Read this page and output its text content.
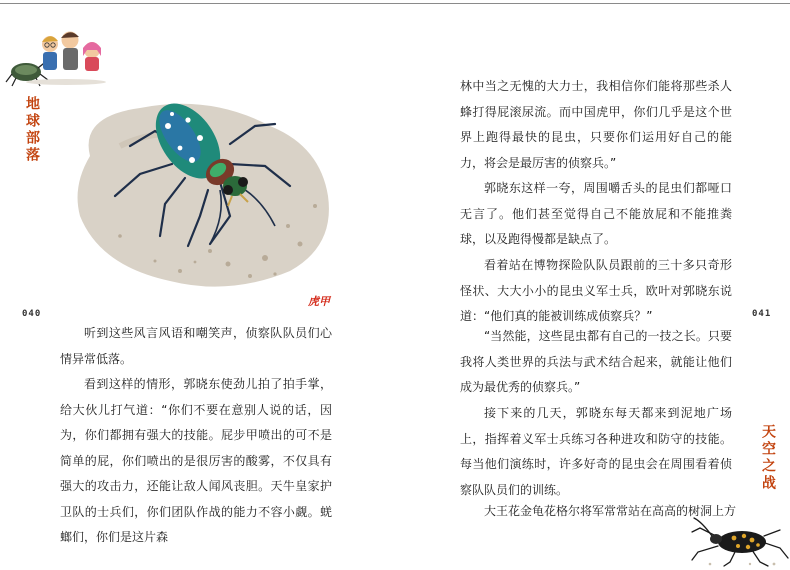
地球部落
虎甲
040	041

听到这些风言风语和嘲笑声，侦察队队员们心情异常低落。

看到这样的情形，郭晓东使劲儿拍了拍手掌，给大伙儿打气道：“你们不要在意别人说的话，因为，你们都拥有强大的技能。屁步甲喷出的可不是简单的屁，你们喷出的是很厉害的酸雾，不仅具有强大的攻击力，还能让敌人闻风丧胆。天牛皇家护卫队的士兵们，你们团队作战的能力不容小觑。蜣螂们，你们是这片森

林中当之无愧的大力士，我相信你们能将那些杀人蜂打得屁滚尿流。而中国虎甲，你们几乎是这个世界上跑得最快的昆虫，只要你们运用好自己的能力，将会是最厉害的侦察兵。”

郭晓东这样一夸，周围嚼舌头的昆虫们都哑口无言了。他们甚至觉得自己不能放屁和不能推粪球，以及跑得慢都是缺点了。

看着站在博物探险队队员跟前的三十多只奇形怪状、大大小小的昆虫义军士兵，欧叶对郭晓东说道：“他们真的能被训练成侦察兵？”

“当然能，这些昆虫都有自己的一技之长。只要我将人类世界的兵法与武术结合起来，就能让他们成为最优秀的侦察兵。”

接下来的几天，郭晓东每天都来到泥地广场上，指挥着义军士兵练习各种进攻和防守的技能。每当他们演练时，许多好奇的昆虫会在周围看着侦察队队员们的训练。

大王花金龟花格尔将军常常站在高高的树洞上方

天空之战
